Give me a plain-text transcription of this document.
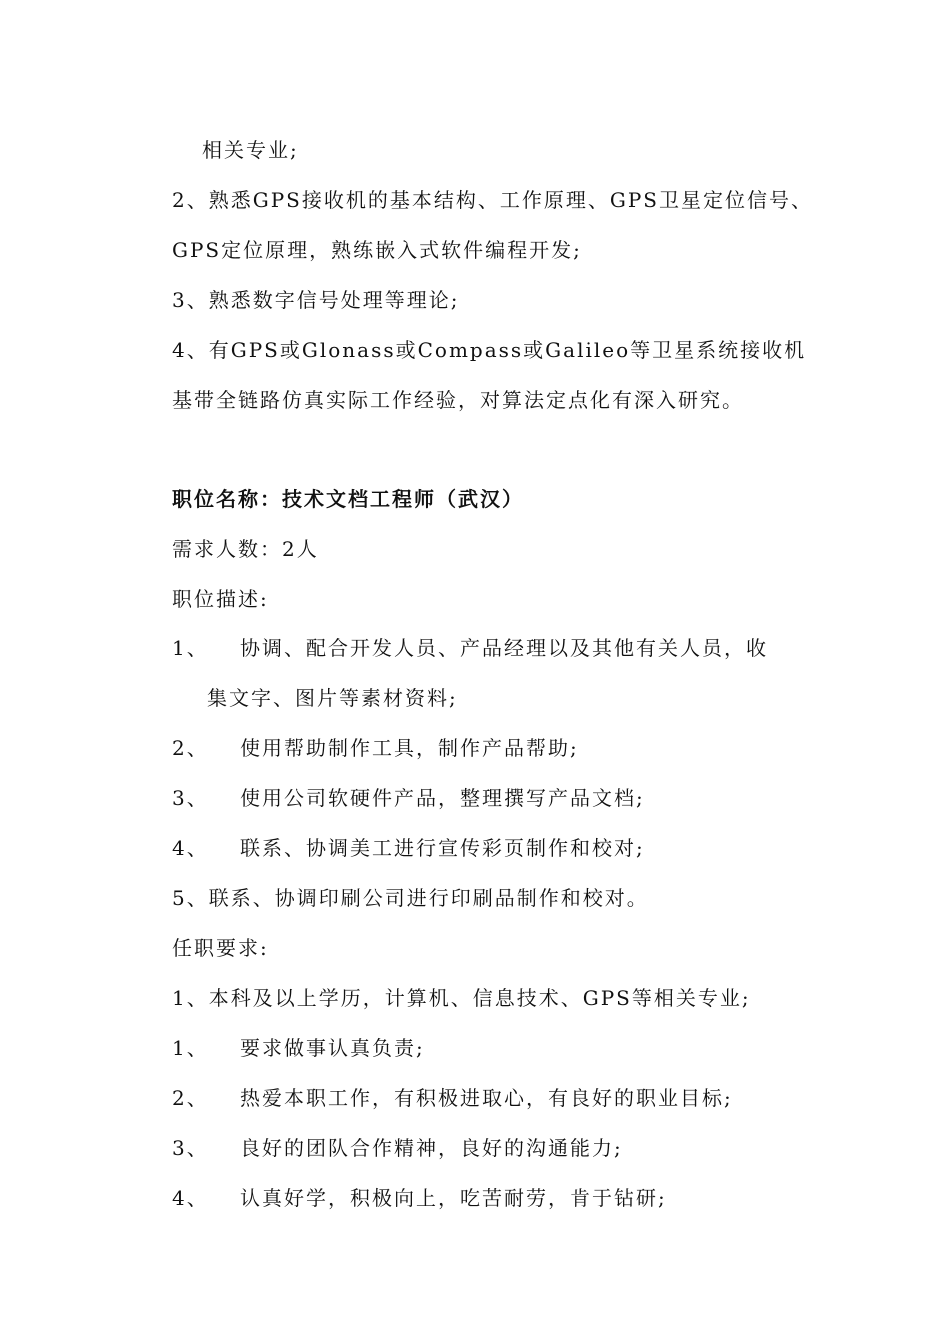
相关专业;
2、熟悉GPS接收机的基本结构、工作原理、GPS卫星定位信号、
GPS定位原理，熟练嵌入式软件编程开发;
3、熟悉数字信号处理等理论;
4、有GPS或Glonass或Compass或Galileo等卫星系统接收机
基带全链路仿真实际工作经验，对算法定点化有深入研究。
职位名称：技术文档工程师（武汉）
需求人数：2人
职位描述:
1、 协调、配合开发人员、产品经理以及其他有关人员，收
集文字、图片等素材资料;
2、 使用帮助制作工具，制作产品帮助;
3、 使用公司软硬件产品，整理撰写产品文档;
4、 联系、协调美工进行宣传彩页制作和校对;
5、联系、协调印刷公司进行印刷品制作和校对。
任职要求:
1、本科及以上学历，计算机、信息技术、GPS等相关专业;
1、 要求做事认真负责;
2、 热爱本职工作，有积极进取心，有良好的职业目标;
3、 良好的团队合作精神，良好的沟通能力;
4、 认真好学，积极向上，吃苦耐劳，肯于钻研;
